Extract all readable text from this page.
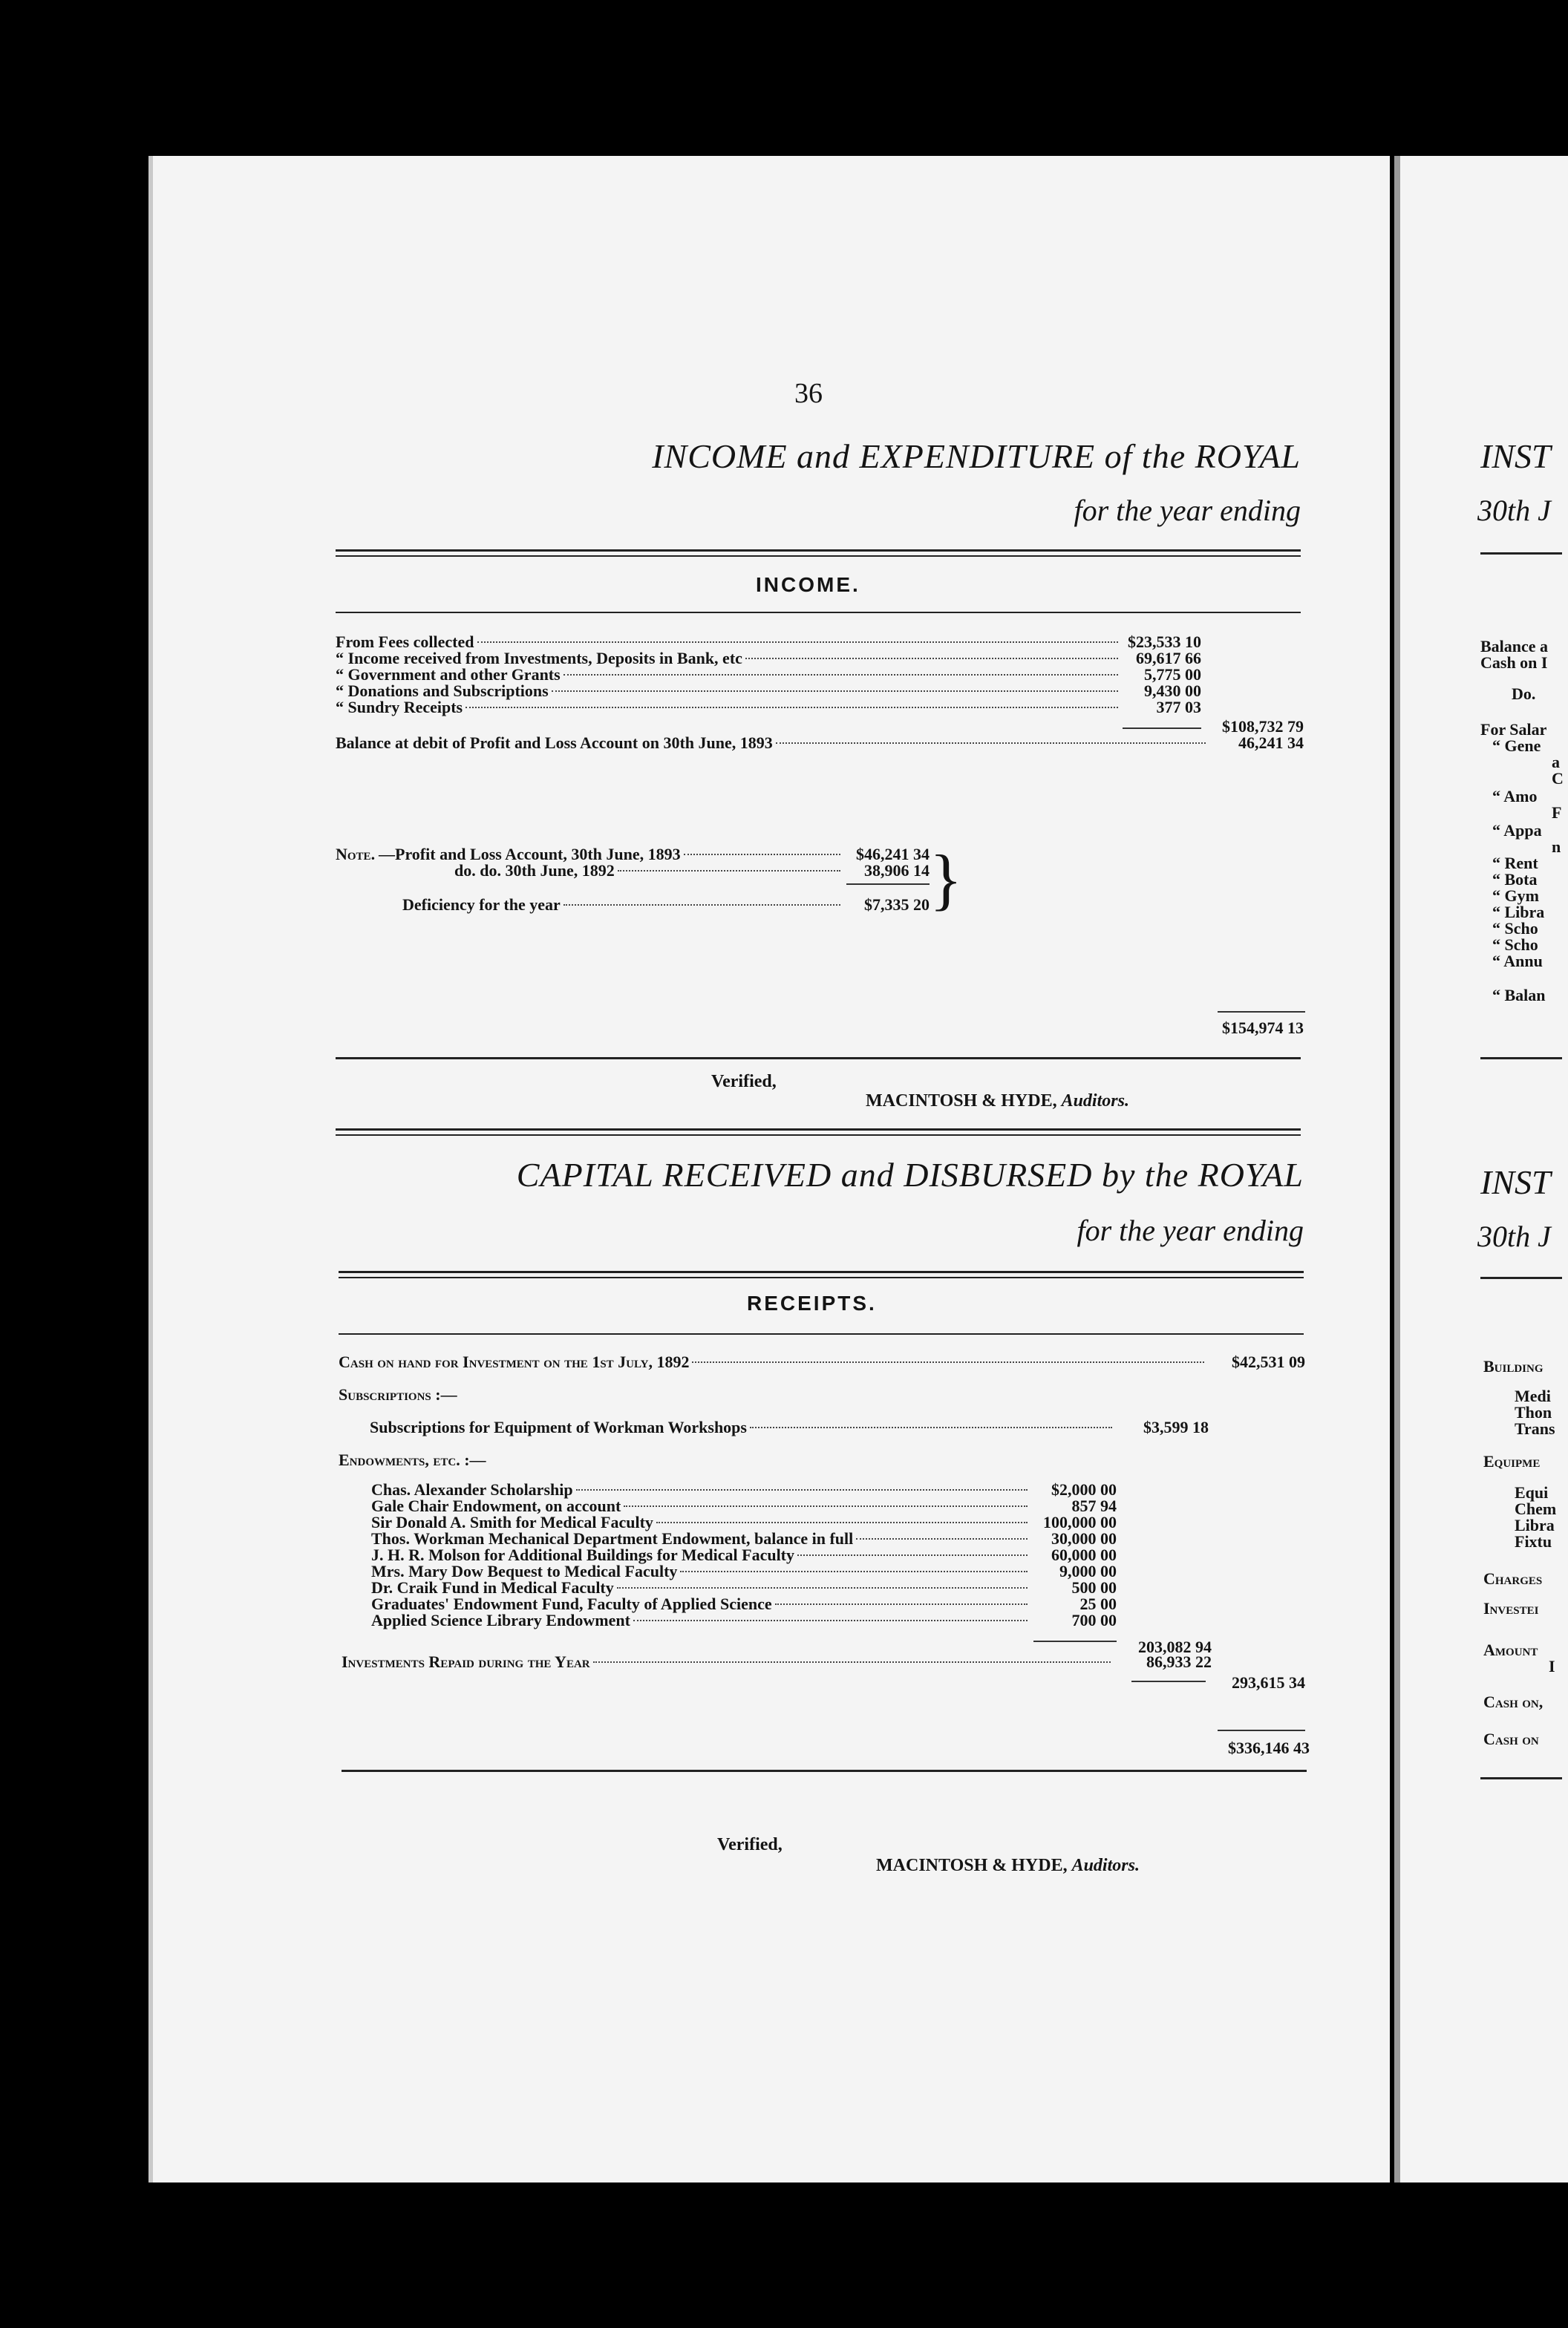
36
INCOME and EXPENDITURE of the ROYAL
for the year ending
INCOME.
From Fees collected	$23,533 10
“ Income received from Investments, Deposits in Bank, etc	69,617 66
“ Government and other Grants	5,775 00
“ Donations and Subscriptions	9,430 00
“ Sundry Receipts	377 03
$108,732 79
Balance at debit of Profit and Loss Account on 30th June, 1893	46,241 34
Note. —Profit and Loss Account, 30th June, 1893	$46,241 34
do. do. 30th June, 1892	38,906 14
Deficiency for the year	$7,335 20 }
$154,974 13
Verified,
MACINTOSH & HYDE, Auditors.
CAPITAL RECEIVED and DISBURSED by the ROYAL
for the year ending
RECEIPTS.
Cash on hand for Investment on the 1st July, 1892	$42,531 09
Subscriptions :—
Subscriptions for Equipment of Workman Workshops	$3,599 18
Endowments, etc. :—
Chas. Alexander Scholarship	$2,000 00
Gale Chair Endowment, on account	857 94
Sir Donald A. Smith for Medical Faculty	100,000 00
Thos. Workman Mechanical Department Endowment, balance in full	30,000 00
J. H. R. Molson for Additional Buildings for Medical Faculty	60,000 00
Mrs. Mary Dow Bequest to Medical Faculty	9,000 00
Dr. Craik Fund in Medical Faculty	500 00
Graduates' Endowment Fund, Faculty of Applied Science	25 00
Applied Science Library Endowment	700 00
203,082 94
Investments Repaid during the Year	86,933 22
293,615 34
$336,146 43
Verified,
MACINTOSH & HYDE, Auditors.
INST
30th J
INST
30th J
Balance a
Cash on I
Do.
For Salar
“ Gene
a
C
“ Amo
F
“ Appa
n
“ Rent
“ Bota
“ Gym
“ Libra
“ Scho
“ Scho
“ Annu
“ Balan
Building
Medi
Thon
Trans
Equipme
Equi
Chem
Libra
Fixtu
Charges
Investei
Amount
I
Cash on,
Cash on
